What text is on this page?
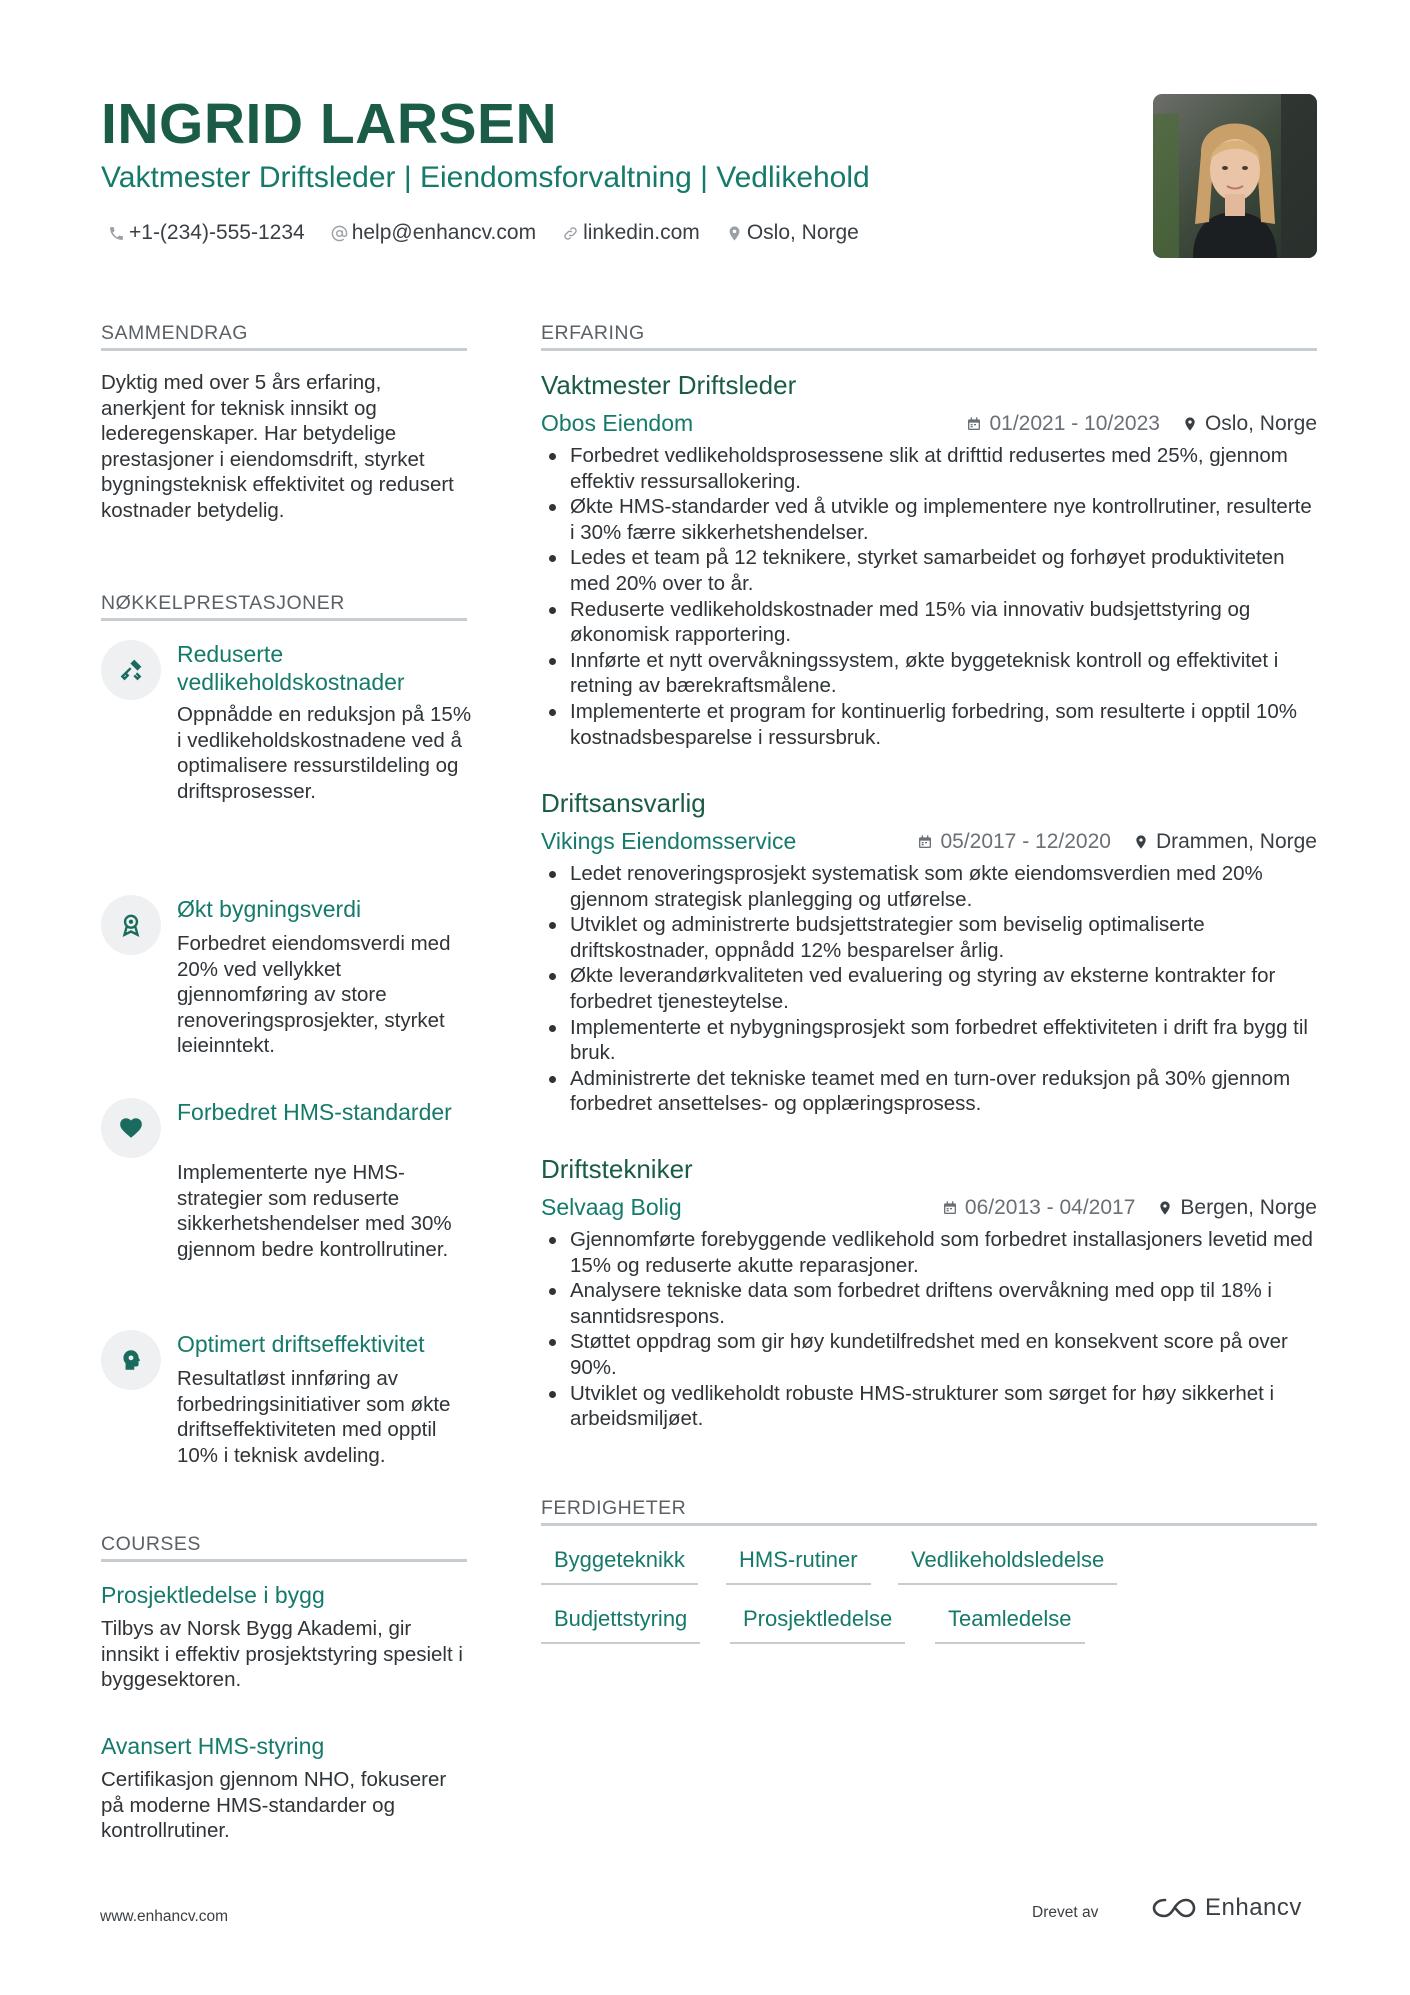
INGRID LARSEN
Vaktmester Driftsleder | Eiendomsforvaltning | Vedlikehold
+1-(234)-555-1234 help@enhancv.com linkedin.com Oslo, Norge
SAMMENDRAG
Dyktig med over 5 års erfaring, anerkjent for teknisk innsikt og lederegenskaper. Har betydelige prestasjoner i eiendomsdrift, styrket bygningsteknisk effektivitet og redusert kostnader betydelig.
NØKKELPRESTASJONER
Reduserte vedlikeholdskostnader
Oppnådde en reduksjon på 15% i vedlikeholdskostnadene ved å optimalisere ressurstildeling og driftsprosesser.
Økt bygningsverdi
Forbedret eiendomsverdi med 20% ved vellykket gjennomføring av store renoveringsprosjekter, styrket leieinntekt.
Forbedret HMS-standarder
Implementerte nye HMS-strategier som reduserte sikkerhetshendelser med 30% gjennom bedre kontrollrutiner.
Optimert driftseffektivitet
Resultatløst innføring av forbedringsinitiativer som økte driftseffektiviteten med opptil 10% i teknisk avdeling.
COURSES
Prosjektledelse i bygg
Tilbys av Norsk Bygg Akademi, gir innsikt i effektiv prosjektstyring spesielt i byggesektoren.
Avansert HMS-styring
Certifikasjon gjennom NHO, fokuserer på moderne HMS-standarder og kontrollrutiner.
ERFARING
Vaktmester Driftsleder
Obos Eiendom	01/2021 - 10/2023 Oslo, Norge
Forbedret vedlikeholdsprosessene slik at drifttid redusertes med 25%, gjennom effektiv ressursallokering.
Økte HMS-standarder ved å utvikle og implementere nye kontrollrutiner, resulterte i 30% færre sikkerhetshendelser.
Ledes et team på 12 teknikere, styrket samarbeidet og forhøyet produktiviteten med 20% over to år.
Reduserte vedlikeholdskostnader med 15% via innovativ budsjettstyring og økonomisk rapportering.
Innførte et nytt overvåkningssystem, økte byggeteknisk kontroll og effektivitet i retning av bærekraftsmålene.
Implementerte et program for kontinuerlig forbedring, som resulterte i opptil 10% kostnadsbesparelse i ressursbruk.
Driftsansvarlig
Vikings Eiendomsservice	05/2017 - 12/2020 Drammen, Norge
Ledet renoveringsprosjekt systematisk som økte eiendomsverdien med 20% gjennom strategisk planlegging og utførelse.
Utviklet og administrerte budsjettstrategier som beviselig optimaliserte driftskostnader, oppnådd 12% besparelser årlig.
Økte leverandørkvaliteten ved evaluering og styring av eksterne kontrakter for forbedret tjenesteytelse.
Implementerte et nybygningsprosjekt som forbedret effektiviteten i drift fra bygg til bruk.
Administrerte det tekniske teamet med en turn-over reduksjon på 30% gjennom forbedret ansettelses- og opplæringsprosess.
Driftstekniker
Selvaag Bolig	06/2013 - 04/2017 Bergen, Norge
Gjennomførte forebyggende vedlikehold som forbedret installasjoners levetid med 15% og reduserte akutte reparasjoner.
Analysere tekniske data som forbedret driftens overvåkning med opp til 18% i sanntidsrespons.
Støttet oppdrag som gir høy kundetilfredshet med en konsekvent score på over 90%.
Utviklet og vedlikeholdt robuste HMS-strukturer som sørget for høy sikkerhet i arbeidsmiljøet.
FERDIGHETER
Byggeteknikk	HMS-rutiner	Vedlikeholdsledelse
Budjettstyring	Prosjektledelse	Teamledelse
www.enhancv.com	Drevet av	Enhancv
